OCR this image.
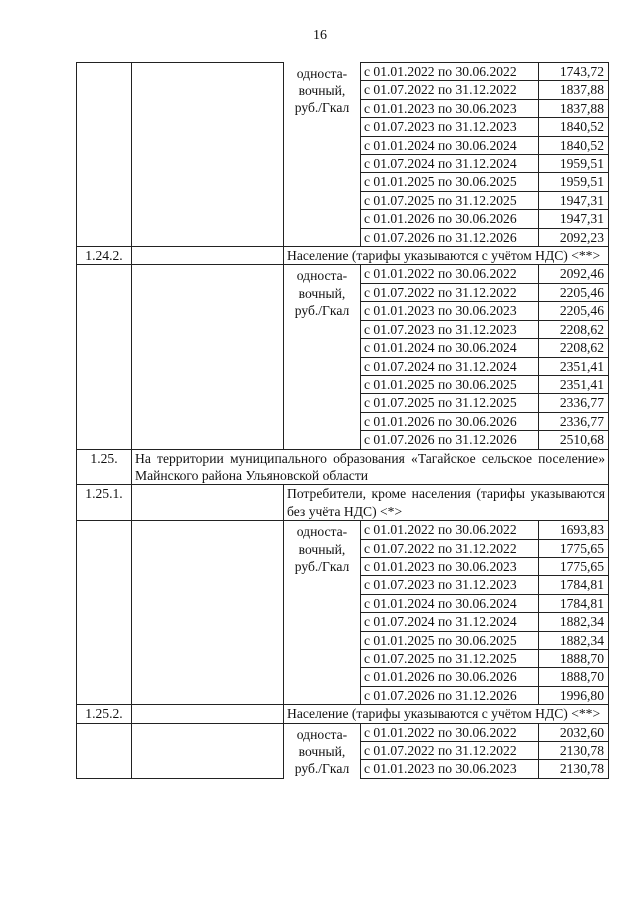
16

		односта-
вочный,
руб./Гкал	с 01.01.2022 по 30.06.2022	1743,72
			с 01.07.2022 по 31.12.2022	1837,88
			с 01.01.2023 по 30.06.2023	1837,88
			с 01.07.2023 по 31.12.2023	1840,52
			с 01.01.2024 по 30.06.2024	1840,52
			с 01.07.2024 по 31.12.2024	1959,51
			с 01.01.2025 по 30.06.2025	1959,51
			с 01.07.2025 по 31.12.2025	1947,31
			с 01.01.2026 по 30.06.2026	1947,31
			с 01.07.2026 по 31.12.2026	2092,23
1.24.2.		Население (тарифы указываются с учётом НДС) <**>		

		односта-
вочный,
руб./Гкал	с 01.01.2022 по 30.06.2022	2092,46
			с 01.07.2022 по 31.12.2022	2205,46
			с 01.01.2023 по 30.06.2023	2205,46
			с 01.07.2023 по 31.12.2023	2208,62
			с 01.01.2024 по 30.06.2024	2208,62
			с 01.07.2024 по 31.12.2024	2351,41
			с 01.01.2025 по 30.06.2025	2351,41
			с 01.07.2025 по 31.12.2025	2336,77
			с 01.01.2026 по 30.06.2026	2336,77
			с 01.07.2026 по 31.12.2026	2510,68
1.25.	На территории муниципального образования «Тагайское сельское поселение» Майнского района Ульяновской области			
1.25.1.		Потребители, кроме населения (тарифы указываются без учёта НДС) <*>		

		односта-
вочный,
руб./Гкал	с 01.01.2022 по 30.06.2022	1693,83
			с 01.07.2022 по 31.12.2022	1775,65
			с 01.01.2023 по 30.06.2023	1775,65
			с 01.07.2023 по 31.12.2023	1784,81
			с 01.01.2024 по 30.06.2024	1784,81
			с 01.07.2024 по 31.12.2024	1882,34
			с 01.01.2025 по 30.06.2025	1882,34
			с 01.07.2025 по 31.12.2025	1888,70
			с 01.01.2026 по 30.06.2026	1888,70
			с 01.07.2026 по 31.12.2026	1996,80
1.25.2.		Население (тарифы указываются с учётом НДС) <**>		

		односта-
вочный,
руб./Гкал	с 01.01.2022 по 30.06.2022	2032,60
			с 01.07.2022 по 31.12.2022	2130,78
			с 01.01.2023 по 30.06.2023	2130,78
